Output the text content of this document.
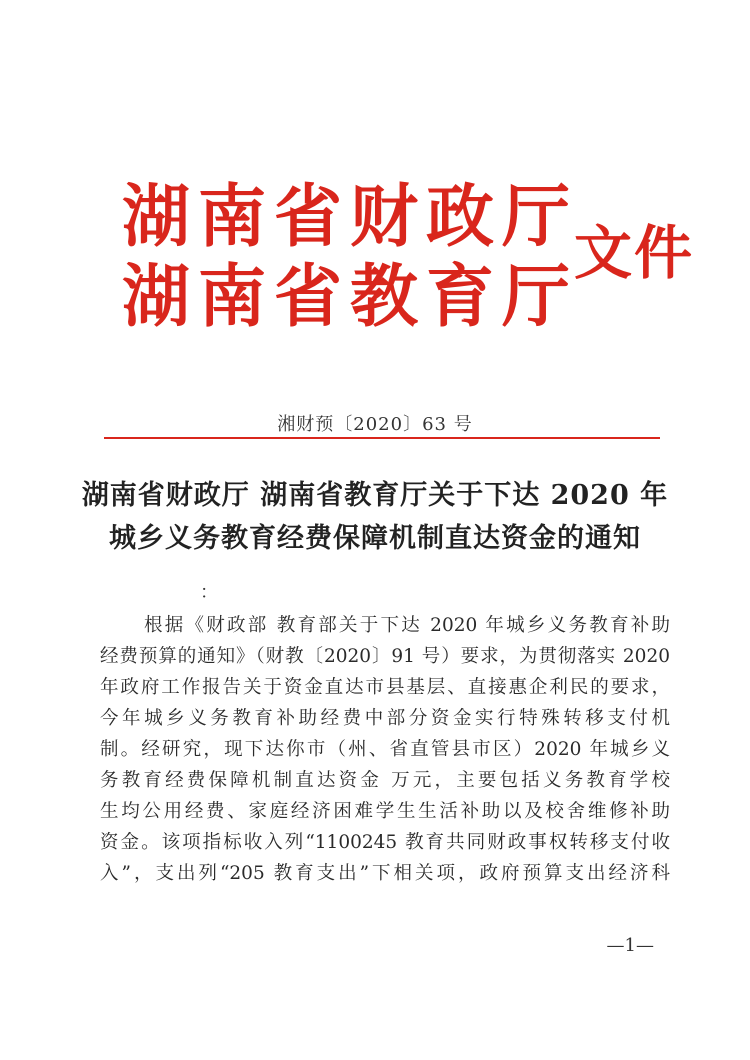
湖南省财政厅
湖南省教育厅
文件
湘财预〔2020〕63 号
湖南省财政厅 湖南省教育厅关于下达 2020 年
城乡义务教育经费保障机制直达资金的通知
：
根据《财政部 教育部关于下达 2020 年城乡义务教育补助
经费预算的通知》（财教〔2020〕91 号）要求，为贯彻落实 2020
年政府工作报告关于资金直达市县基层、直接惠企利民的要求，
今年城乡义务教育补助经费中部分资金实行特殊转移支付机
制。经研究，现下达你市（州、省直管县市区）2020 年城乡义
务教育经费保障机制直达资金 万元，主要包括义务教育学校
生均公用经费、家庭经济困难学生生活补助以及校舍维修补助
资金。该项指标收入列“1100245 教育共同财政事权转移支付收
入”，支出列“205 教育支出”下相关项，政府预算支出经济科
—1—
